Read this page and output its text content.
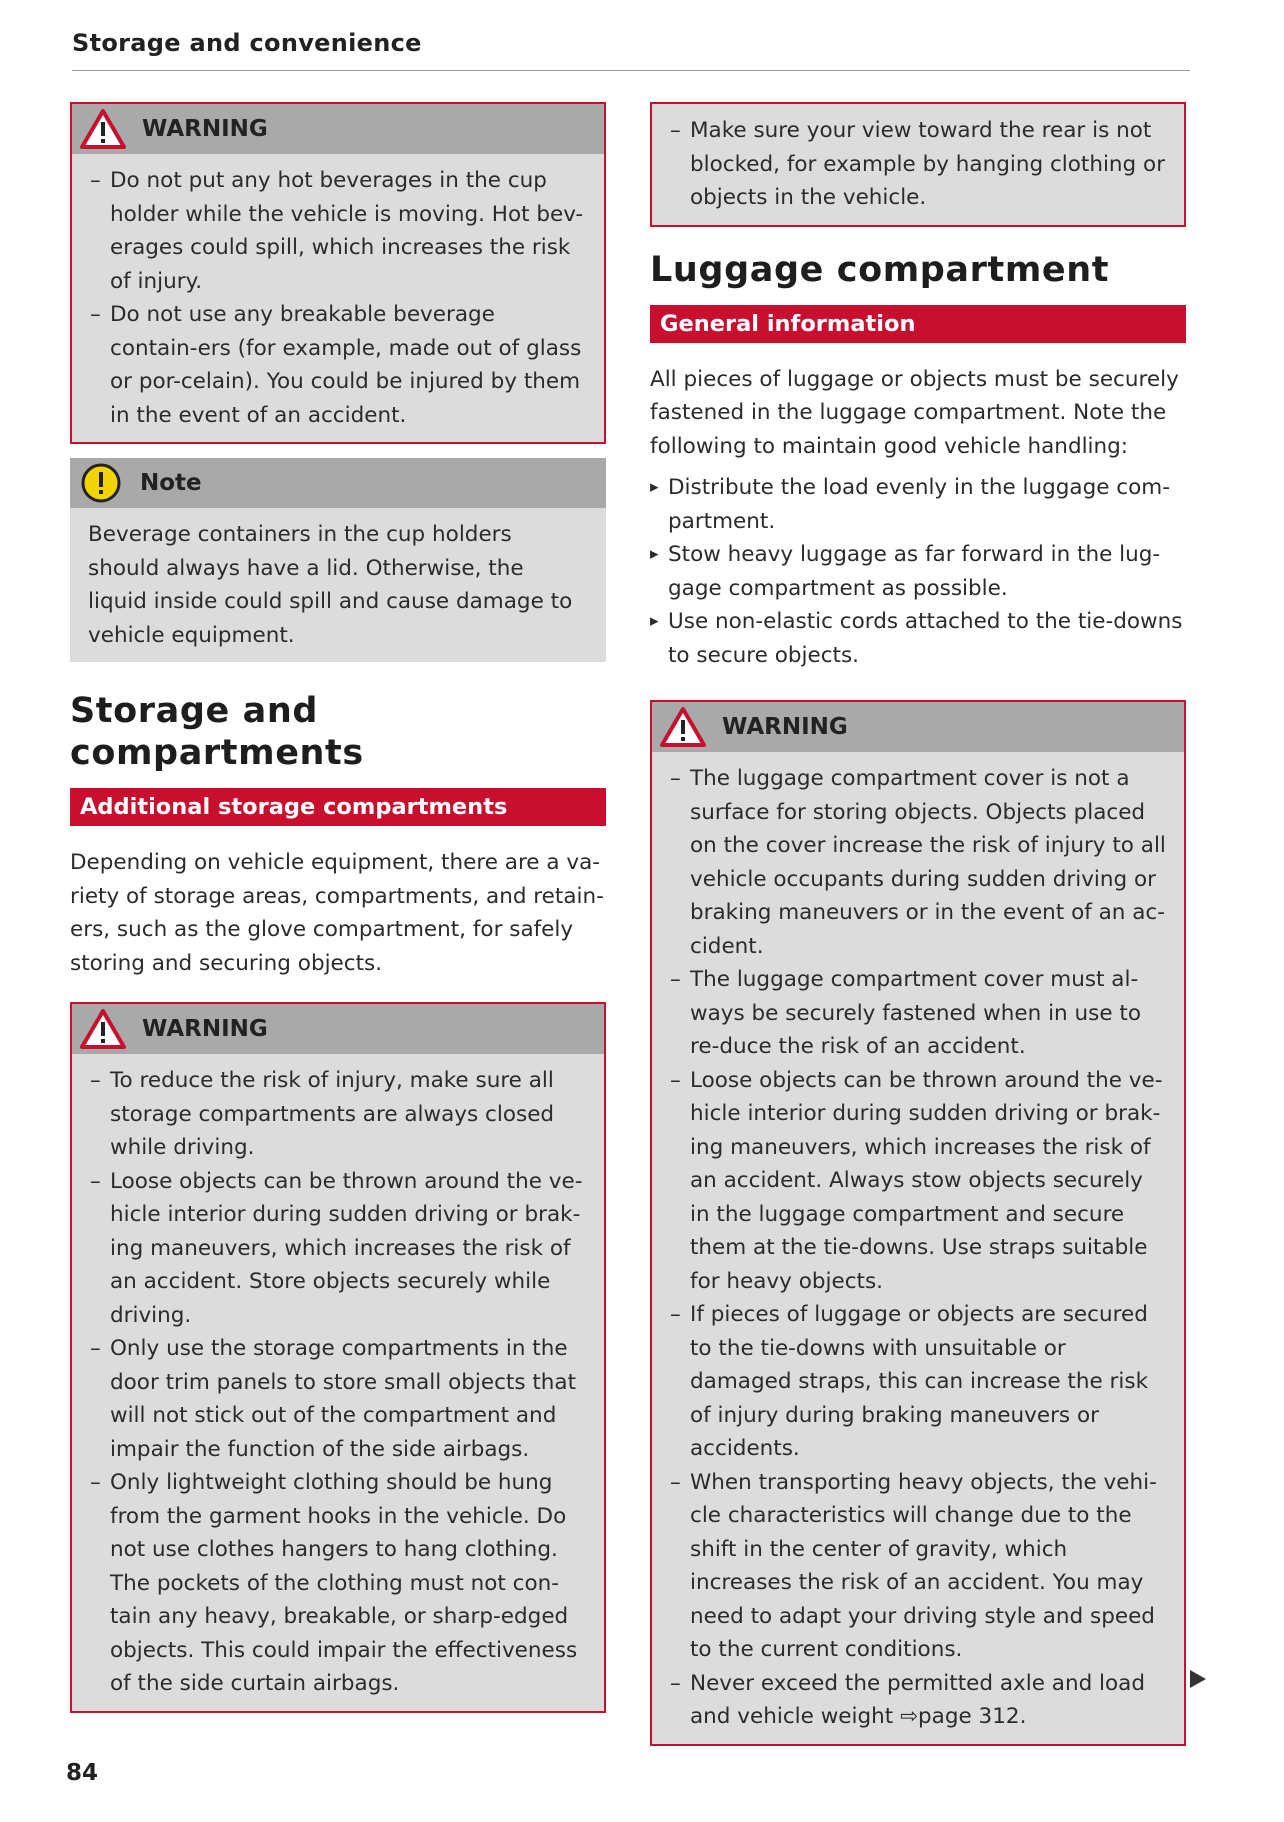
Storage and convenience
WARNING
– Do not put any hot beverages in the cup holder while the vehicle is moving. Hot bev-erages could spill, which increases the risk of injury.
– Do not use any breakable beverage contain-ers (for example, made out of glass or por-celain). You could be injured by them in the event of an accident.
Note
Beverage containers in the cup holders should always have a lid. Otherwise, the liquid inside could spill and cause damage to vehicle equipment.
Storage and compartments
Additional storage compartments

Depending on vehicle equipment, there are a va-riety of storage areas, compartments, and retain-ers, such as the glove compartment, for safely storing and securing objects.

WARNING
– To reduce the risk of injury, make sure all storage compartments are always closed while driving.
– Loose objects can be thrown around the ve-hicle interior during sudden driving or brak-ing maneuvers, which increases the risk of an accident. Store objects securely while driving.
– Only use the storage compartments in the door trim panels to store small objects that will not stick out of the compartment and impair the function of the side airbags.
– Only lightweight clothing should be hung from the garment hooks in the vehicle. Do not use clothes hangers to hang clothing. The pockets of the clothing must not con-tain any heavy, breakable, or sharp-edged objects. This could impair the effectiveness of the side curtain airbags.
– Make sure your view toward the rear is not blocked, for example by hanging clothing or objects in the vehicle.
Luggage compartment
General information

All pieces of luggage or objects must be securely fastened in the luggage compartment. Note the following to maintain good vehicle handling:

▸ Distribute the load evenly in the luggage com-partment.
▸ Stow heavy luggage as far forward in the lug-gage compartment as possible.
▸ Use non-elastic cords attached to the tie-downs to secure objects.
WARNING
– The luggage compartment cover is not a surface for storing objects. Objects placed on the cover increase the risk of injury to all vehicle occupants during sudden driving or braking maneuvers or in the event of an ac-cident.
– The luggage compartment cover must al-ways be securely fastened when in use to re-duce the risk of an accident.
– Loose objects can be thrown around the ve-hicle interior during sudden driving or brak-ing maneuvers, which increases the risk of an accident. Always stow objects securely in the luggage compartment and secure them at the tie-downs. Use straps suitable for heavy objects.
– If pieces of luggage or objects are secured to the tie-downs with unsuitable or damaged straps, this can increase the risk of injury during braking maneuvers or accidents.
– When transporting heavy objects, the vehi-cle characteristics will change due to the shift in the center of gravity, which increases the risk of an accident. You may need to adapt your driving style and speed to the current conditions.
– Never exceed the permitted axle and load and vehicle weight ⇨page 312.
84
